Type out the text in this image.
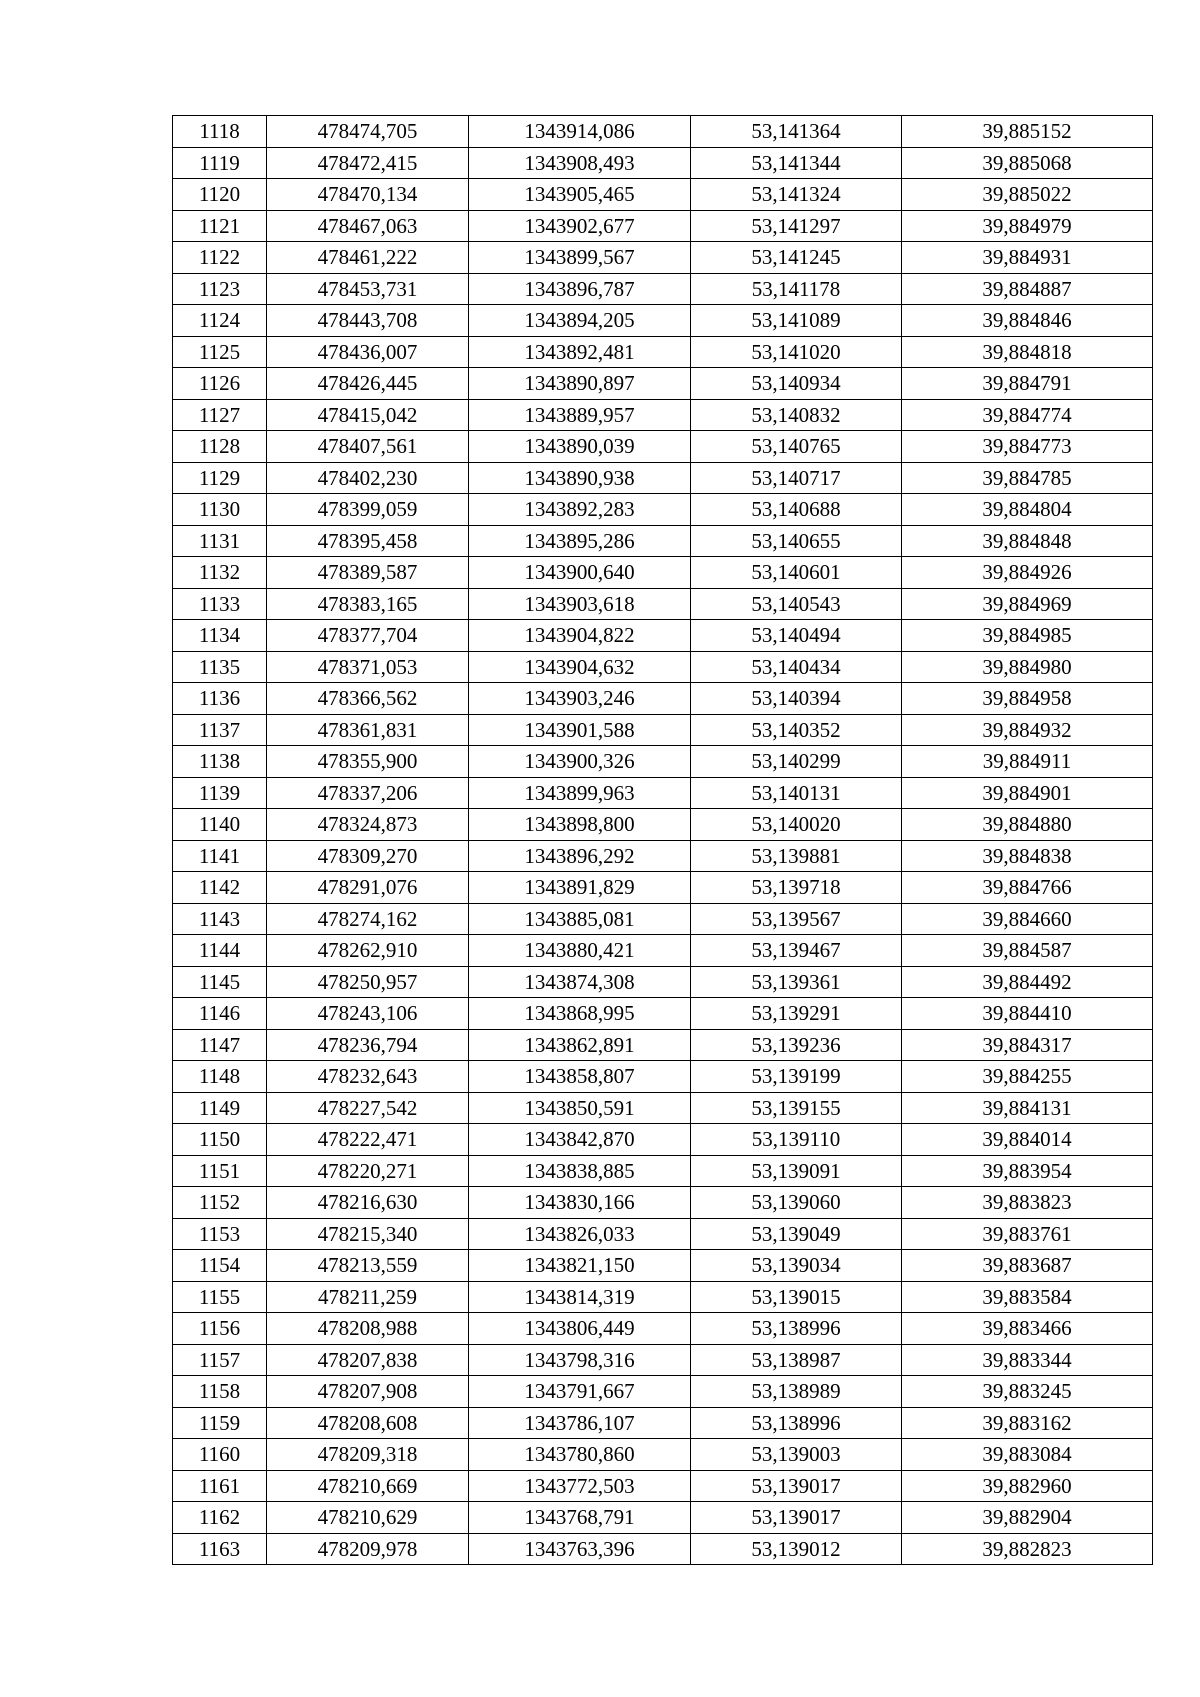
1118	478474,705	1343914,086	53,141364	39,885152
1119	478472,415	1343908,493	53,141344	39,885068
1120	478470,134	1343905,465	53,141324	39,885022
1121	478467,063	1343902,677	53,141297	39,884979
1122	478461,222	1343899,567	53,141245	39,884931
1123	478453,731	1343896,787	53,141178	39,884887
1124	478443,708	1343894,205	53,141089	39,884846
1125	478436,007	1343892,481	53,141020	39,884818
1126	478426,445	1343890,897	53,140934	39,884791
1127	478415,042	1343889,957	53,140832	39,884774
1128	478407,561	1343890,039	53,140765	39,884773
1129	478402,230	1343890,938	53,140717	39,884785
1130	478399,059	1343892,283	53,140688	39,884804
1131	478395,458	1343895,286	53,140655	39,884848
1132	478389,587	1343900,640	53,140601	39,884926
1133	478383,165	1343903,618	53,140543	39,884969
1134	478377,704	1343904,822	53,140494	39,884985
1135	478371,053	1343904,632	53,140434	39,884980
1136	478366,562	1343903,246	53,140394	39,884958
1137	478361,831	1343901,588	53,140352	39,884932
1138	478355,900	1343900,326	53,140299	39,884911
1139	478337,206	1343899,963	53,140131	39,884901
1140	478324,873	1343898,800	53,140020	39,884880
1141	478309,270	1343896,292	53,139881	39,884838
1142	478291,076	1343891,829	53,139718	39,884766
1143	478274,162	1343885,081	53,139567	39,884660
1144	478262,910	1343880,421	53,139467	39,884587
1145	478250,957	1343874,308	53,139361	39,884492
1146	478243,106	1343868,995	53,139291	39,884410
1147	478236,794	1343862,891	53,139236	39,884317
1148	478232,643	1343858,807	53,139199	39,884255
1149	478227,542	1343850,591	53,139155	39,884131
1150	478222,471	1343842,870	53,139110	39,884014
1151	478220,271	1343838,885	53,139091	39,883954
1152	478216,630	1343830,166	53,139060	39,883823
1153	478215,340	1343826,033	53,139049	39,883761
1154	478213,559	1343821,150	53,139034	39,883687
1155	478211,259	1343814,319	53,139015	39,883584
1156	478208,988	1343806,449	53,138996	39,883466
1157	478207,838	1343798,316	53,138987	39,883344
1158	478207,908	1343791,667	53,138989	39,883245
1159	478208,608	1343786,107	53,138996	39,883162
1160	478209,318	1343780,860	53,139003	39,883084
1161	478210,669	1343772,503	53,139017	39,882960
1162	478210,629	1343768,791	53,139017	39,882904
1163	478209,978	1343763,396	53,139012	39,882823
